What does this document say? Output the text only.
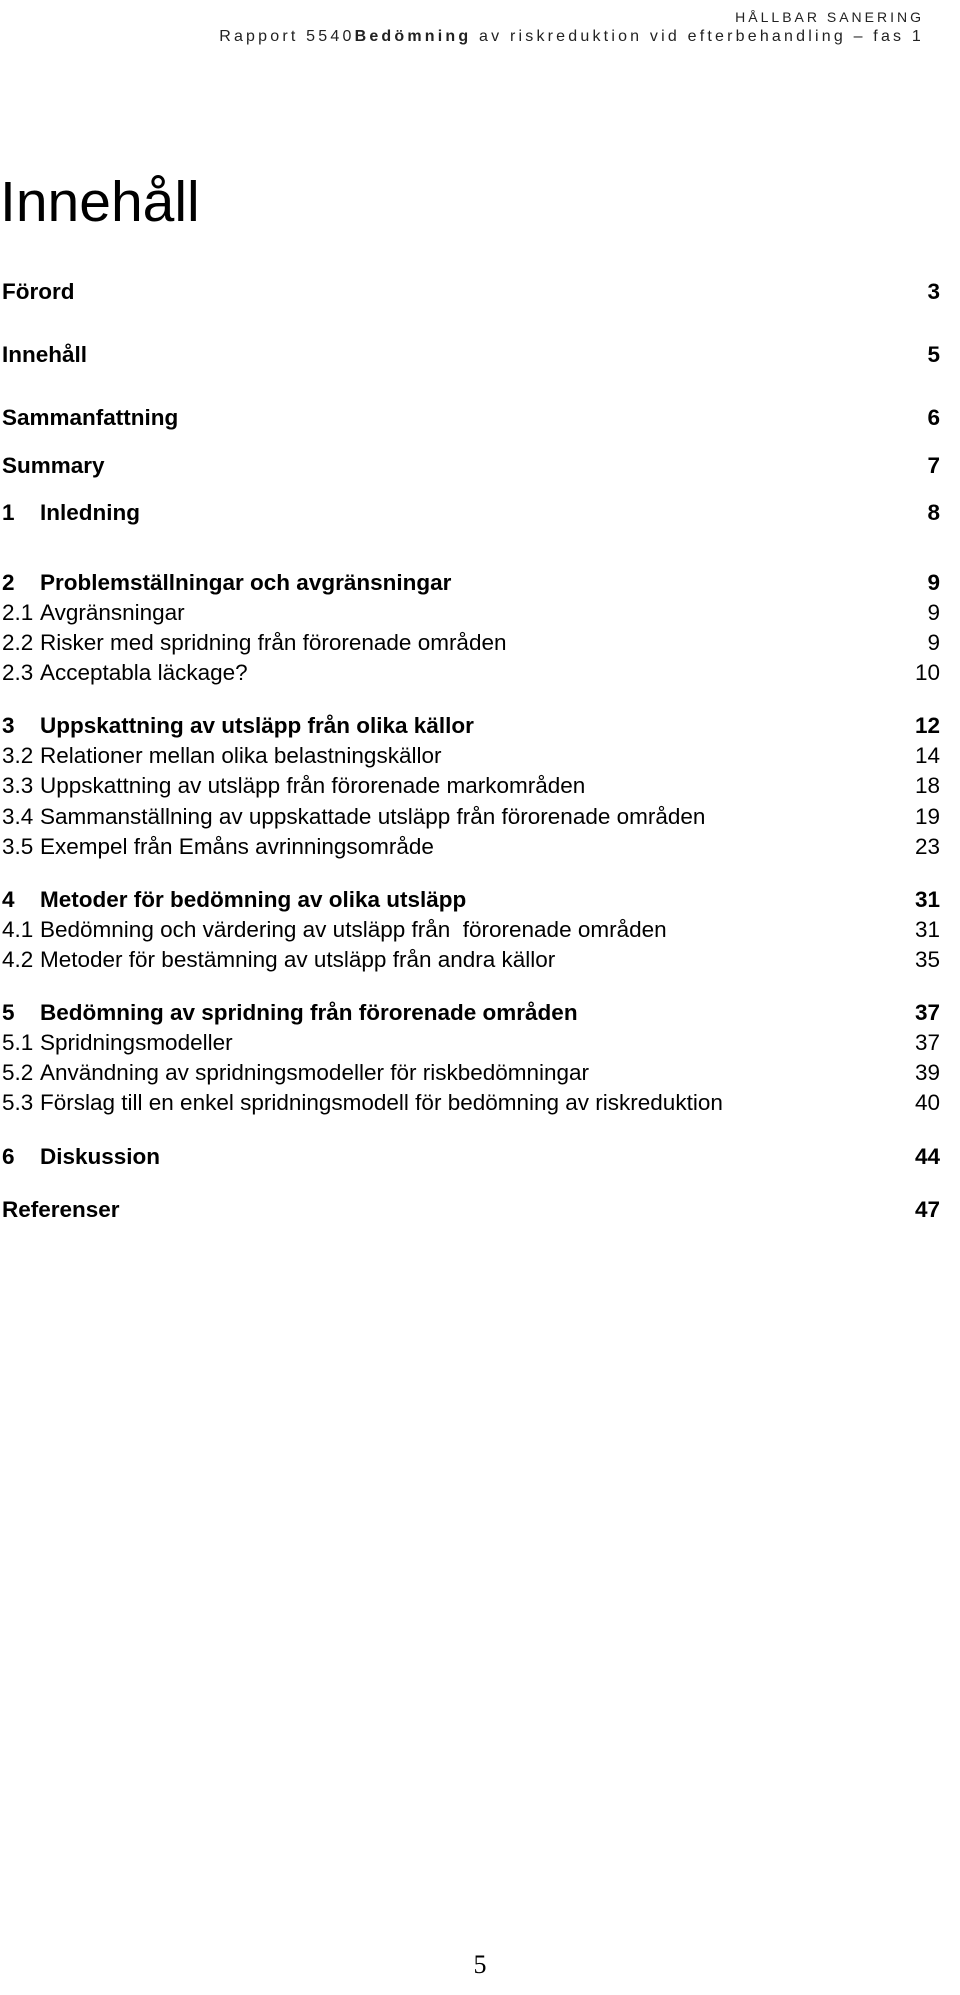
HÅLLBAR SANERING
Rapport 5540Bedömning av riskreduktion vid efterbehandling – fas 1
Innehåll
Förord	3
Innehåll	5
Sammanfattning	6
Summary	7
1	Inledning	8
2	Problemställningar och avgränsningar	9
2.1 Avgränsningar	9
2.2 Risker med spridning från förorenade områden	9
2.3 Acceptabla läckage?	10
3	Uppskattning av utsläpp från olika källor	12
3.2 Relationer mellan olika belastningskällor	14
3.3 Uppskattning av utsläpp från förorenade markområden	18
3.4 Sammanställning av uppskattade utsläpp från förorenade områden	19
3.5 Exempel från Emåns avrinningsområde	23
4	Metoder för bedömning av olika utsläpp	31
4.1 Bedömning och värdering av utsläpp från  förorenade områden	31
4.2 Metoder för bestämning av utsläpp från andra källor	35
5	Bedömning av spridning från förorenade områden	37
5.1 Spridningsmodeller	37
5.2 Användning av spridningsmodeller för riskbedömningar	39
5.3 Förslag till en enkel spridningsmodell för bedömning av riskreduktion	40
6	Diskussion	44
Referenser	47
5
